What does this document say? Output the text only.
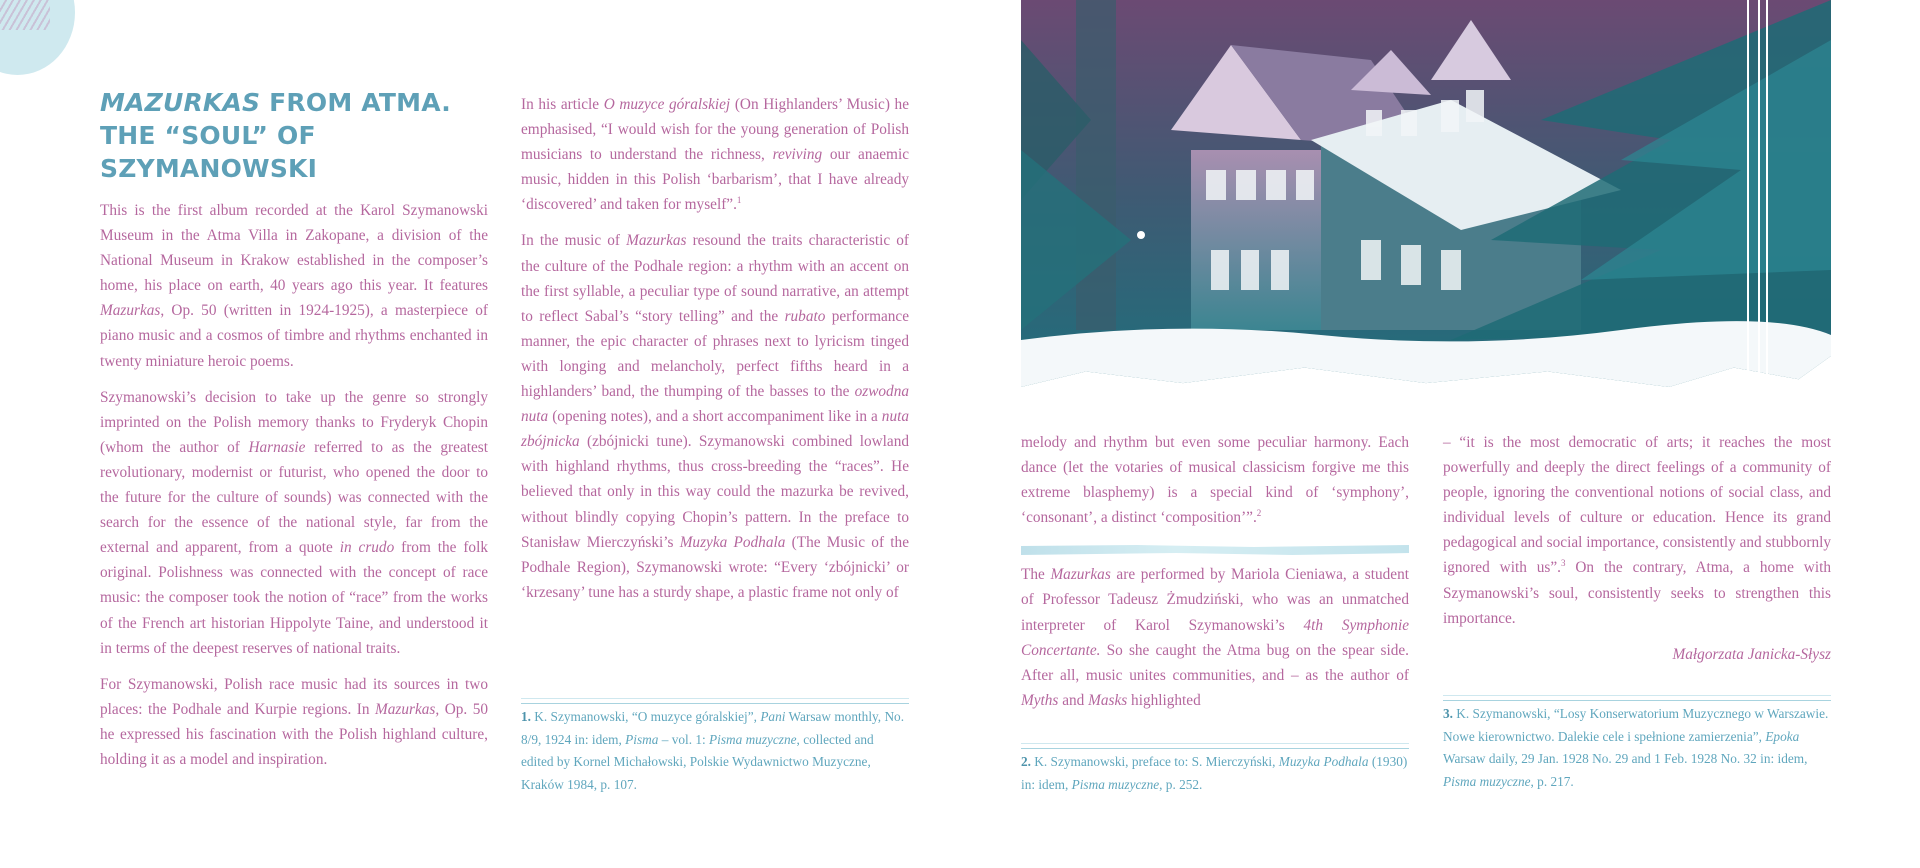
MAZURKAS FROM ATMA.
THE “SOUL” OF SZYMANOWSKI

This is the first album recorded at the Karol Szymanowski Museum in the Atma Villa in Zakopane, a division of the National Museum in Krakow established in the composer’s home, his place on earth, 40 years ago this year. It features Mazurkas, Op. 50 (written in 1924-1925), a masterpiece of piano music and a cosmos of timbre and rhythms enchanted in twenty miniature heroic poems.

Szymanowski’s decision to take up the genre so strongly imprinted on the Polish memory thanks to Fryderyk Chopin (whom the author of Harnasie referred to as the greatest revolutionary, modernist or futurist, who opened the door to the future for the culture of sounds) was connected with the search for the essence of the national style, far from the external and apparent, from a quote in crudo from the folk original. Polishness was connected with the concept of race music: the composer took the notion of “race” from the works of the French art historian Hippolyte Taine, and understood it in terms of the deepest reserves of national traits.

For Szymanowski, Polish race music had its sources in two places: the Podhale and Kurpie regions. In Mazurkas, Op. 50 he expressed his fascination with the Polish highland culture, holding it as a model and inspiration.

In his article O muzyce góralskiej (On Highlanders’ Music) he emphasised, “I would wish for the young generation of Polish musicians to understand the richness, reviving our anaemic music, hidden in this Polish ‘barbarism’, that I have already ‘discovered’ and taken for myself”.$^1$

In the music of Mazurkas resound the traits characteristic of the culture of the Podhale region: a rhythm with an accent on the first syllable, a peculiar type of sound narrative, an attempt to reflect Sabal’s “story telling” and the rubato performance manner, the epic character of phrases next to lyricism tinged with longing and melancholy, perfect fifths heard in a highlanders’ band, the thumping of the basses to the ozwodna nuta (opening notes), and a short accompaniment like in a nuta zbójnicka (zbójnicki tune). Szymanowski combined lowland with highland rhythms, thus cross-breeding the “races”. He believed that only in this way could the mazurka be revived, without blindly copying Chopin’s pattern. In the preface to Stanisław Mierczyński’s Muzyka Podhala (The Music of the Podhale Region), Szymanowski wrote: “Every ‘zbójnicki’ or ‘krzesany’ tune has a sturdy shape, a plastic frame not only of

1. K. Szymanowski, “O muzyce góralskiej”, Pani Warsaw monthly, No. 8/9, 1924 in: idem, Pisma – vol. 1: Pisma muzyczne, collected and edited by Kornel Michałowski, Polskie Wydawnictwo Muzyczne, Kraków 1984, p. 107.

melody and rhythm but even some peculiar harmony. Each dance (let the votaries of musical classicism forgive me this extreme blasphemy) is a special kind of ‘symphony’, ‘consonant’, a distinct ‘composition’”.$^2$

The Mazurkas are performed by Mariola Cieniawa, a student of Professor Tadeusz Żmudziński, who was an unmatched interpreter of Karol Szymanowski’s 4th Symphonie Concertante. So she caught the Atma bug on the spear side. After all, music unites communities, and – as the author of Myths and Masks highlighted

2. K. Szymanowski, preface to: S. Mierczyński, Muzyka Podhala (1930) in: idem, Pisma muzyczne, p. 252.

– “it is the most democratic of arts; it reaches the most powerfully and deeply the direct feelings of a community of people, ignoring the conventional notions of social class, and individual levels of culture or education. Hence its grand pedagogical and social importance, consistently and stubbornly ignored with us”.$^3$ On the contrary, Atma, a home with Szymanowski’s soul, consistently seeks to strengthen this importance.

Małgorzata Janicka-Słysz
3. K. Szymanowski, “Losy Konserwatorium Muzycznego w Warszawie. Nowe kierownictwo. Dalekie cele i spełnione zamierzenia”, Epoka Warsaw daily, 29 Jan. 1928 No. 29 and 1 Feb. 1928 No. 32 in: idem, Pisma muzyczne, p. 217.
